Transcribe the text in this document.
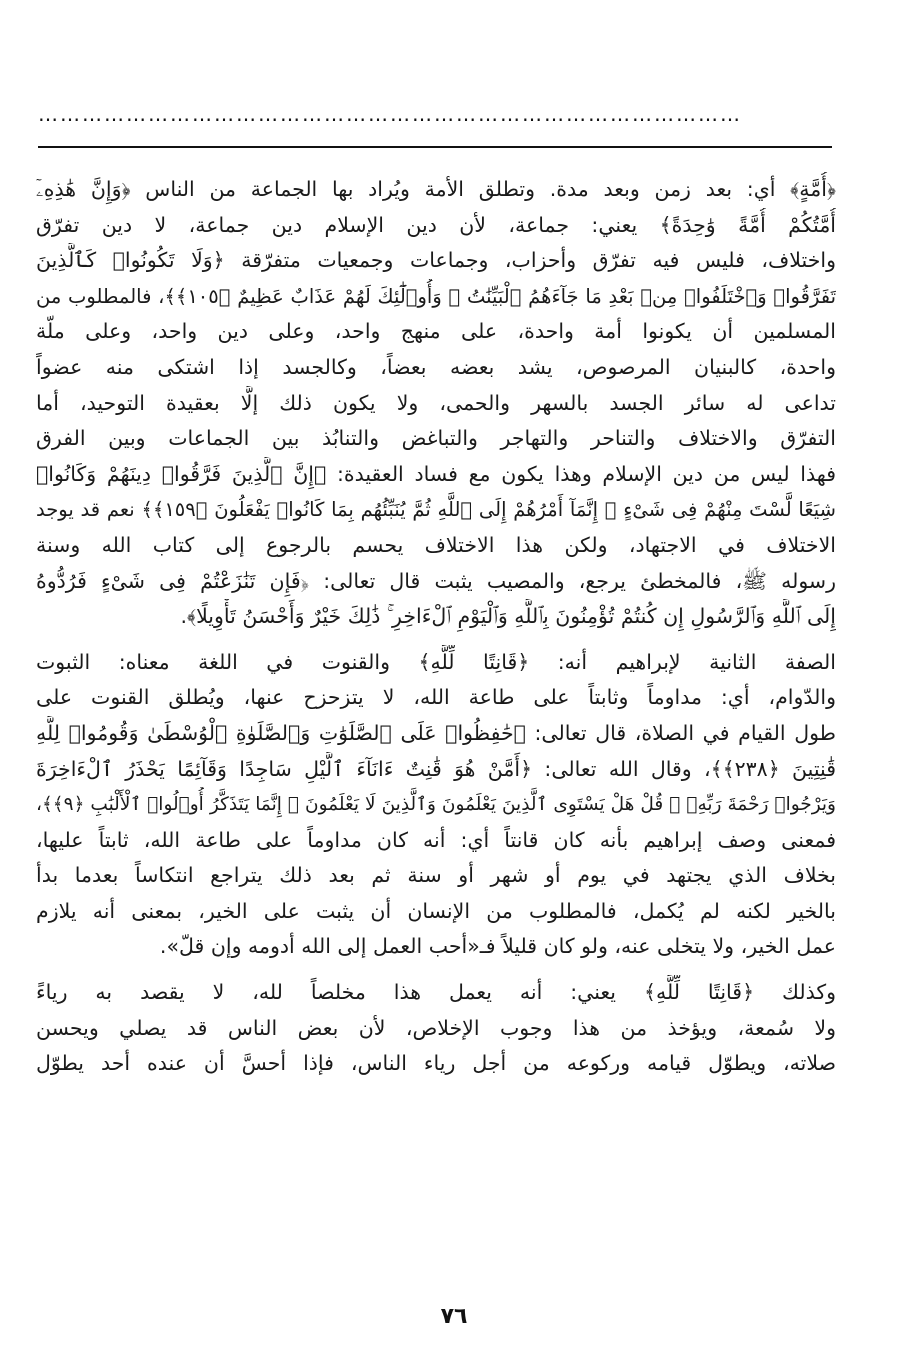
……………………………………………………………………………………
﴿أُمَّةٍ﴾ أي: بعد زمن وبعد مدة. وتطلق الأمة ويُراد بها الجماعة من الناس ﴿وَإِنَّ هَٰذِهِۦٓ
أُمَّتُكُمْ أُمَّةً وَٰحِدَةً﴾ يعني: جماعة، لأن دين الإسلام دين جماعة، لا دين تفرّق
واختلاف، فليس فيه تفرّق وأحزاب، وجماعات وجمعيات متفرّقة ﴿وَلَا تَكُونُوا۟ كَٱلَّذِينَ
تَفَرَّقُوا۟ وَٱخْتَلَفُوا۟ مِنۢ بَعْدِ مَا جَآءَهُمُ ٱلْبَيِّنَٰتُ ۚ وَأُو۟لَٰٓئِكَ لَهُمْ عَذَابٌ عَظِيمٌ ﴿١٠٥﴾﴾، فالمطلوب من
المسلمين أن يكونوا أمة واحدة، على منهج واحد، وعلى دين واحد، وعلى ملّة
واحدة، كالبنيان المرصوص، يشد بعضه بعضاً، وكالجسد إذا اشتكى منه عضواً
تداعى له سائر الجسد بالسهر والحمى، ولا يكون ذلك إلَّا بعقيدة التوحيد، أما
التفرّق والاختلاف والتناحر والتهاجر والتباغض والتنابُذ بين الجماعات وبين الفرق
فهذا ليس من دين الإسلام وهذا يكون مع فساد العقيدة: ﴿إِنَّ ٱلَّذِينَ فَرَّقُوا۟ دِينَهُمْ وَكَانُوا۟
شِيَعًا لَّسْتَ مِنْهُمْ فِى شَىْءٍ ۚ إِنَّمَآ أَمْرُهُمْ إِلَى ٱللَّهِ ثُمَّ يُنَبِّئُهُم بِمَا كَانُوا۟ يَفْعَلُونَ ﴿١٥٩﴾﴾ نعم قد يوجد
الاختلاف في الاجتهاد، ولكن هذا الاختلاف يحسم بالرجوع إلى كتاب الله وسنة
رسوله ﷺ، فالمخطئ يرجع، والمصيب يثبت قال تعالى: ﴿فَإِن تَنَٰزَعْتُمْ فِى شَىْءٍ فَرُدُّوهُ
إِلَى ٱللَّهِ وَٱلرَّسُولِ إِن كُنتُمْ تُؤْمِنُونَ بِٱللَّهِ وَٱلْيَوْمِ ٱلْءَاخِرِ ۚ ذَٰلِكَ خَيْرٌ وَأَحْسَنُ تَأْوِيلًا﴾.
الصفة الثانية لإبراهيم أنه: ﴿قَانِتًا لِّلَّهِ﴾ والقنوت في اللغة معناه: الثبوت
والدّوام، أي: مداوماً وثابتاً على طاعة الله، لا يتزحزح عنها، ويُطلق القنوت على
طول القيام في الصلاة، قال تعالى: ﴿حَٰفِظُوا۟ عَلَى ٱلصَّلَوَٰتِ وَٱلصَّلَوٰةِ ٱلْوُسْطَىٰ وَقُومُوا۟ لِلَّهِ
قَٰنِتِينَ ﴿٢٣٨﴾﴾، وقال الله تعالى: ﴿أَمَّنْ هُوَ قَٰنِتٌ ءَانَآءَ ٱلَّيْلِ سَاجِدًا وَقَآئِمًا يَحْذَرُ ٱلْءَاخِرَةَ
وَيَرْجُوا۟ رَحْمَةَ رَبِّهِۦ ۗ قُلْ هَلْ يَسْتَوِى ٱلَّذِينَ يَعْلَمُونَ وَٱلَّذِينَ لَا يَعْلَمُونَ ۗ إِنَّمَا يَتَذَكَّرُ أُو۟لُوا۟ ٱلْأَلْبَٰبِ ﴿٩﴾﴾،
فمعنى وصف إبراهيم بأنه كان قانتاً أي: أنه كان مداوماً على طاعة الله، ثابتاً عليها،
بخلاف الذي يجتهد في يوم أو شهر أو سنة ثم بعد ذلك يتراجع انتكاساً بعدما بدأ
بالخير لكنه لم يُكمل، فالمطلوب من الإنسان أن يثبت على الخير، بمعنى أنه يلازم
عمل الخير، ولا يتخلى عنه، ولو كان قليلاً فـ«أحب العمل إلى الله أدومه وإن قلّ».
وكذلك ﴿قَانِتًا لِّلَّهِ﴾ يعني: أنه يعمل هذا مخلصاً لله، لا يقصد به رياءً
ولا سُمعة، ويؤخذ من هذا وجوب الإخلاص، لأن بعض الناس قد يصلي ويحسن
صلاته، ويطوّل قيامه وركوعه من أجل رياء الناس، فإذا أحسَّ أن عنده أحد يطوّل
٧٦
